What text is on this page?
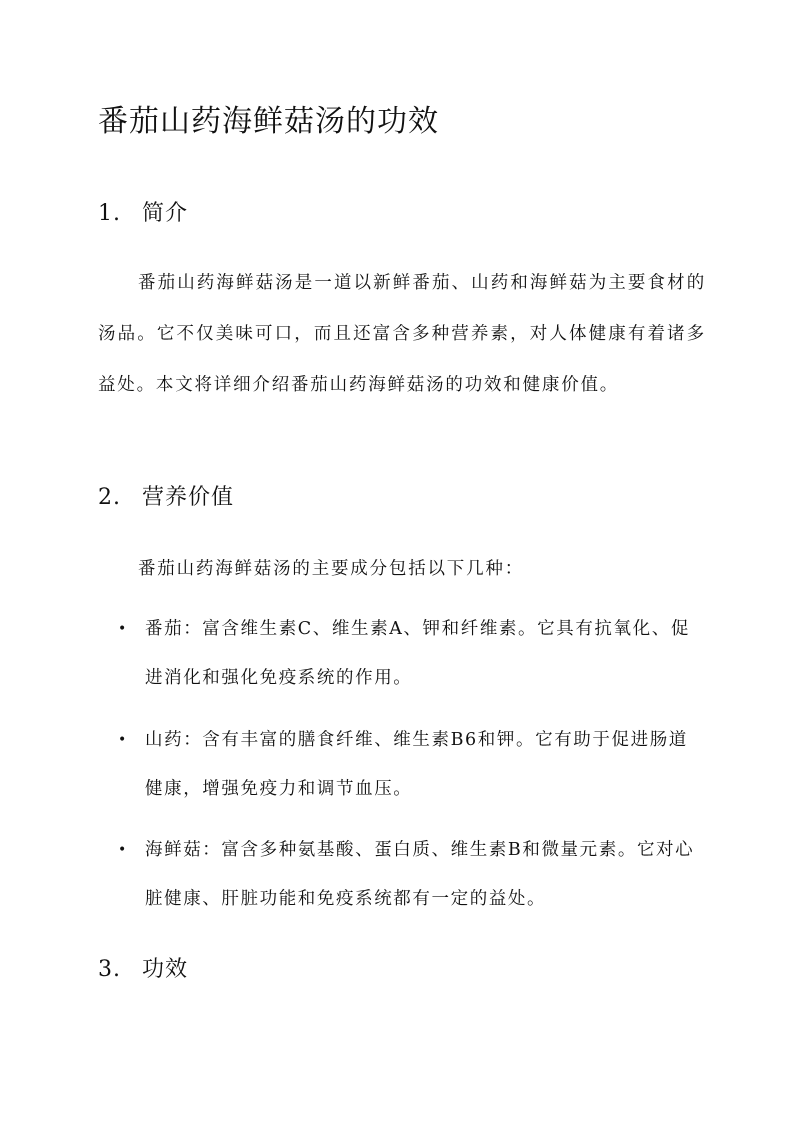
番茄山药海鲜菇汤的功效
1. 简介

番茄山药海鲜菇汤是一道以新鲜番茄、山药和海鲜菇为主要食材的汤品。它不仅美味可口，而且还富含多种营养素，对人体健康有着诸多益处。本文将详细介绍番茄山药海鲜菇汤的功效和健康价值。

2. 营养价值

番茄山药海鲜菇汤的主要成分包括以下几种：

• 番茄：富含维生素C、维生素A、钾和纤维素。它具有抗氧化、促进消化和强化免疫系统的作用。
• 山药：含有丰富的膳食纤维、维生素B6和钾。它有助于促进肠道健康，增强免疫力和调节血压。
• 海鲜菇：富含多种氨基酸、蛋白质、维生素B和微量元素。它对心脏健康、肝脏功能和免疫系统都有一定的益处。
3. 功效
